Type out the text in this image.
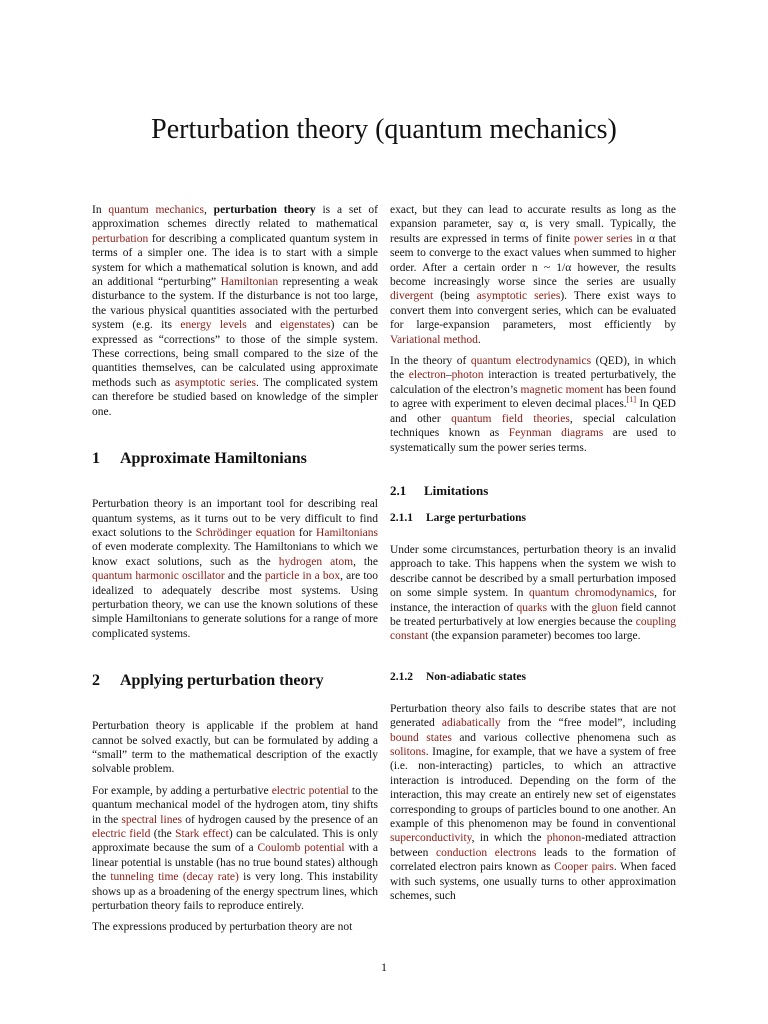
Perturbation theory (quantum mechanics)

In quantum mechanics, perturbation theory is a set of approximation schemes directly related to mathematical perturbation for describing a complicated quantum system in terms of a simpler one. The idea is to start with a simple system for which a mathematical solution is known, and add an additional “perturbing” Hamiltonian representing a weak disturbance to the system. If the disturbance is not too large, the various physical quantities associated with the perturbed system (e.g. its energy levels and eigenstates) can be expressed as “corrections” to those of the simple system. These corrections, being small compared to the size of the quantities themselves, can be calculated using approximate methods such as asymptotic series. The complicated system can therefore be studied based on knowledge of the simpler one.

1 Approximate Hamiltonians

Perturbation theory is an important tool for describing real quantum systems, as it turns out to be very difficult to find exact solutions to the Schrödinger equation for Hamiltonians of even moderate complexity. The Hamiltonians to which we know exact solutions, such as the hydrogen atom, the quantum harmonic oscillator and the particle in a box, are too idealized to adequately describe most systems. Using perturbation theory, we can use the known solutions of these simple Hamiltonians to generate solutions for a range of more complicated systems.

2 Applying perturbation theory

Perturbation theory is applicable if the problem at hand cannot be solved exactly, but can be formulated by adding a “small” term to the mathematical description of the exactly solvable problem.

For example, by adding a perturbative electric potential to the quantum mechanical model of the hydrogen atom, tiny shifts in the spectral lines of hydrogen caused by the presence of an electric field (the Stark effect) can be calculated. This is only approximate because the sum of a Coulomb potential with a linear potential is unstable (has no true bound states) although the tunneling time (decay rate) is very long. This instability shows up as a broadening of the energy spectrum lines, which perturbation theory fails to reproduce entirely.

The expressions produced by perturbation theory are not

exact, but they can lead to accurate results as long as the expansion parameter, say α, is very small. Typically, the results are expressed in terms of finite power series in α that seem to converge to the exact values when summed to higher order. After a certain order n ~ 1/α however, the results become increasingly worse since the series are usually divergent (being asymptotic series). There exist ways to convert them into convergent series, which can be evaluated for large-expansion parameters, most efficiently by Variational method.

In the theory of quantum electrodynamics (QED), in which the electron–photon interaction is treated perturbatively, the calculation of the electron’s magnetic moment has been found to agree with experiment to eleven decimal places.[1] In QED and other quantum field theories, special calculation techniques known as Feynman diagrams are used to systematically sum the power series terms.

2.1 Limitations
2.1.1 Large perturbations

Under some circumstances, perturbation theory is an invalid approach to take. This happens when the system we wish to describe cannot be described by a small perturbation imposed on some simple system. In quantum chromodynamics, for instance, the interaction of quarks with the gluon field cannot be treated perturbatively at low energies because the coupling constant (the expansion parameter) becomes too large.

2.1.2 Non-adiabatic states

Perturbation theory also fails to describe states that are not generated adiabatically from the “free model”, including bound states and various collective phenomena such as solitons. Imagine, for example, that we have a system of free (i.e. non-interacting) particles, to which an attractive interaction is introduced. Depending on the form of the interaction, this may create an entirely new set of eigenstates corresponding to groups of particles bound to one another. An example of this phenomenon may be found in conventional superconductivity, in which the phonon-mediated attraction between conduction electrons leads to the formation of correlated electron pairs known as Cooper pairs. When faced with such systems, one usually turns to other approximation schemes, such

1
